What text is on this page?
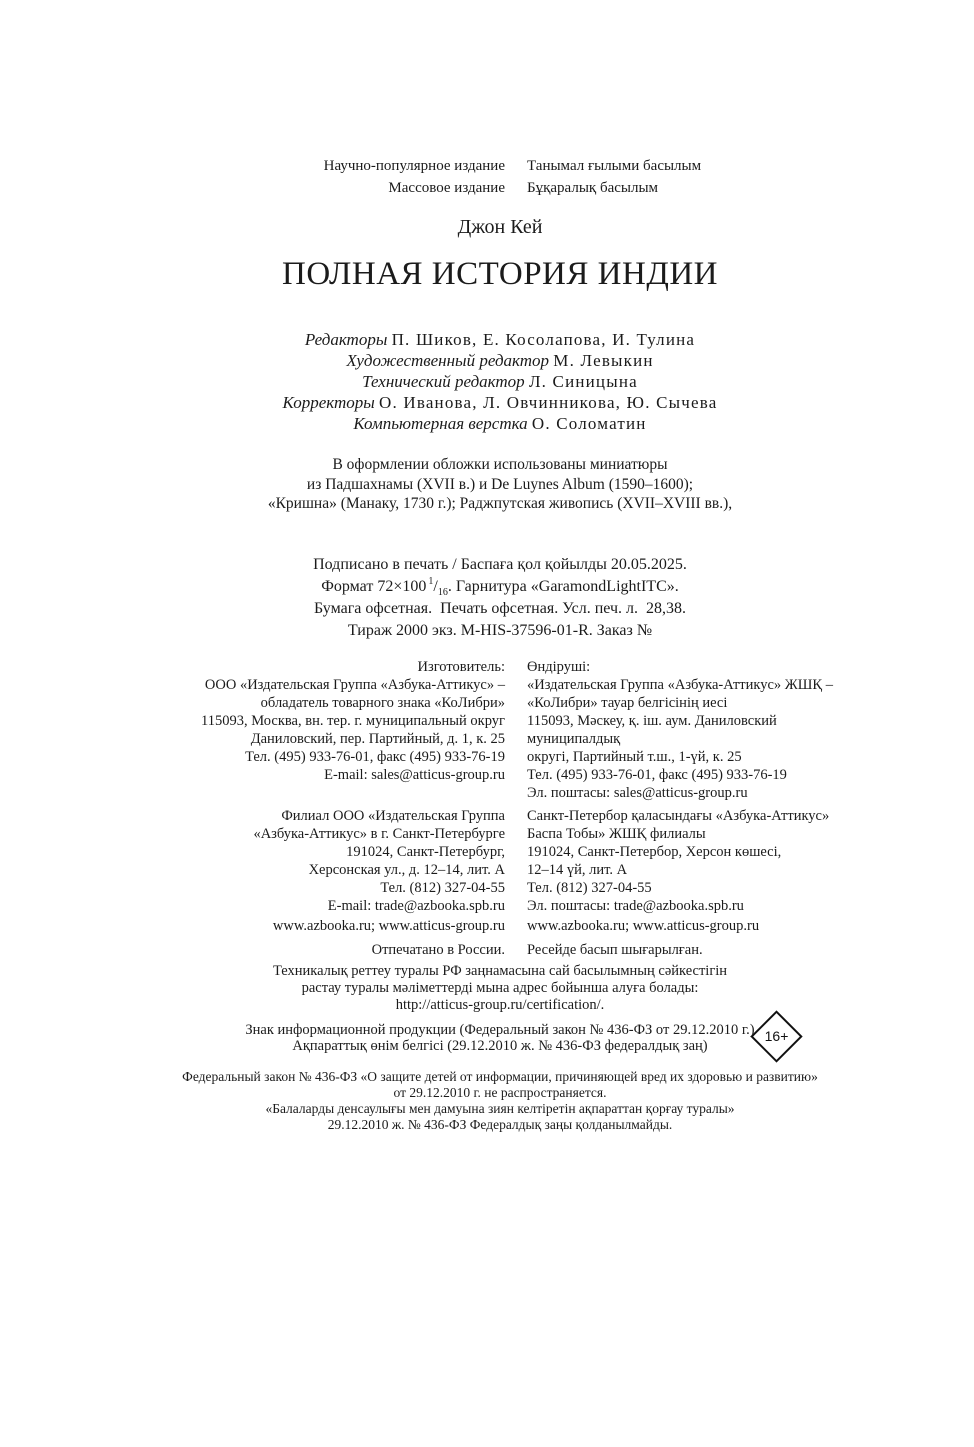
Научно-популярное издание Танымал ғылыми басылым
Массовое издание Бұқаралық басылым
Джон Кей
ПОЛНАЯ ИСТОРИЯ ИНДИИ
Редакторы П. Шиков, Е. Косолапова, И. Тулина
Художественный редактор М. Левыкин
Технический редактор Л. Синицына
Корректоры О. Иванова, Л. Овчинникова, Ю. Сычева
Компьютерная верстка О. Соломатин
В оформлении обложки использованы миниатюры
из Падшахнамы (XVII в.) и De Luynes Album (1590–1600);
«Кришна» (Манаку, 1730 г.); Раджпутская живопись (XVII–XVIII вв.),
Подписано в печать / Баспаға қол қойылды 20.05.2025.
Формат 72×100 $^1/_{16}$. Гарнитура «GaramondLightITC».
Бумага офсетная.  Печать офсетная. Усл. печ. л.  28,38.
Тираж 2000 экз. M-HIS-37596-01-R. Заказ №
Изготовитель:
ООО «Издательская Группа «Азбука-Аттикус» –
обладатель товарного знака «КоЛибри»
115093, Москва, вн. тер. г. муниципальный округ
Даниловский, пер. Партийный, д. 1, к. 25
Тел. (495) 933-76-01, факс (495) 933-76-19
E-mail: sales@atticus-group.ru
Өндіруші:
«Издательская Группа «Азбука-Аттикус» ЖШҚ –
«КоЛибри» тауар белгісінің иесі
115093, Мәскеу, қ. іш. аум. Даниловский муниципалдық
округі, Партийный т.ш., 1-үй, к. 25
Тел. (495) 933-76-01, факс (495) 933-76-19
Эл. поштасы: sales@atticus-group.ru
Филиал ООО «Издательская Группа
«Азбука-Аттикус» в г. Санкт-Петербурге
191024, Санкт-Петербург,
Херсонская ул., д. 12–14, лит. А
Тел. (812) 327-04-55
E-mail: trade@azbooka.spb.ru
Санкт-Петербор қаласындағы «Азбука-Аттикус»
Баспа Тобы» ЖШҚ филиалы
191024, Санкт-Петербор, Херсон көшесі,
12–14 үй, лит. А
Тел. (812) 327-04-55
Эл. поштасы: trade@azbooka.spb.ru
www.azbooka.ru; www.atticus-group.ru www.azbooka.ru; www.atticus-group.ru
Отпечатано в России. Ресейде басып шығарылған.
Техникалық реттеу туралы РФ заңнамасына сай басылымның сәйкестігін
растау туралы мәліметтерді мына адрес бойынша алуға болады:
http://atticus-group.ru/certification/.
Знак информационной продукции (Федеральный закон № 436-ФЗ от 29.12.2010 г.)
Ақпараттық өнім белгісі (29.12.2010 ж. № 436-ФЗ федералдық заң)
16+
Федеральный закон № 436-ФЗ «О защите детей от информации, причиняющей вред их здоровью и развитию»
от 29.12.2010 г. не распространяется.
«Балаларды денсаулығы мен дамуына зиян келтіретін ақпараттан қорғау туралы»
29.12.2010 ж. № 436-ФЗ Федералдық заңы қолданылмайды.
